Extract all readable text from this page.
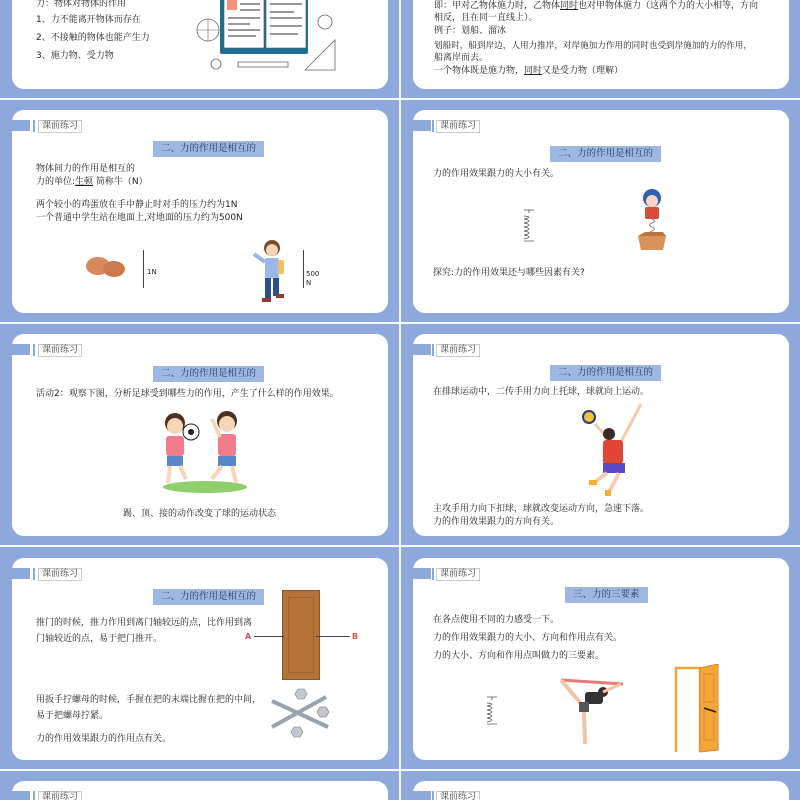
力：物体对物体的作用
1、力不能离开物体而存在
2、不接触的物体也能产生力
3、施力物、受力物
即：甲对乙物体施力时，乙物体同时也对甲物体施力（这两个力的大小相等，方向
相反，且在同一直线上）。
例子：划船、溜冰
划船时，船到岸边，人用力推岸，对岸施加力作用的同时也受到岸施加的力的作用，
船离岸而去。
一个物体既是施力物，同时又是受力物（理解）
课前练习
二、力的作用是相互的
物体间力的作用是相互的
力的单位:生顿 简称牛（N）
两个较小的鸡蛋放在手中静止时对手的压力约为1N
一个普通中学生站在地面上,对地面的压力约为500N
1N	500
N
课前练习
二、力的作用是相互的
力的作用效果跟力的大小有关。
探究:力的作用效果还与哪些因素有关?
课前练习
二、力的作用是相互的
活动2：观察下图，分析足球受到哪些力的作用，产生了什么样的作用效果。
踢、顶、接的动作改变了球的运动状态
课前练习
二、力的作用是相互的
在排球运动中，二传手用力向上托球，球就向上运动。
主攻手用力向下扣球，球就改变运动方向，急速下落。
力的作用效果跟力的方向有关。
课前练习
二、力的作用是相互的
推门的时候，推力作用到离门轴较远的点，比作用到离
门轴较近的点，易于把门推开。	A	B
用扳手拧螺母的时候，手握在把的末端比握在把的中间，
易于把螺母拧紧。
力的作用效果跟力的作用点有关。
课前练习
三、力的三要素
在各点使用不同的力感受一下。
力的作用效果跟力的大小、方向和作用点有关。
力的大小、方向和作用点叫做力的三要素。
课前练习	课前练习
